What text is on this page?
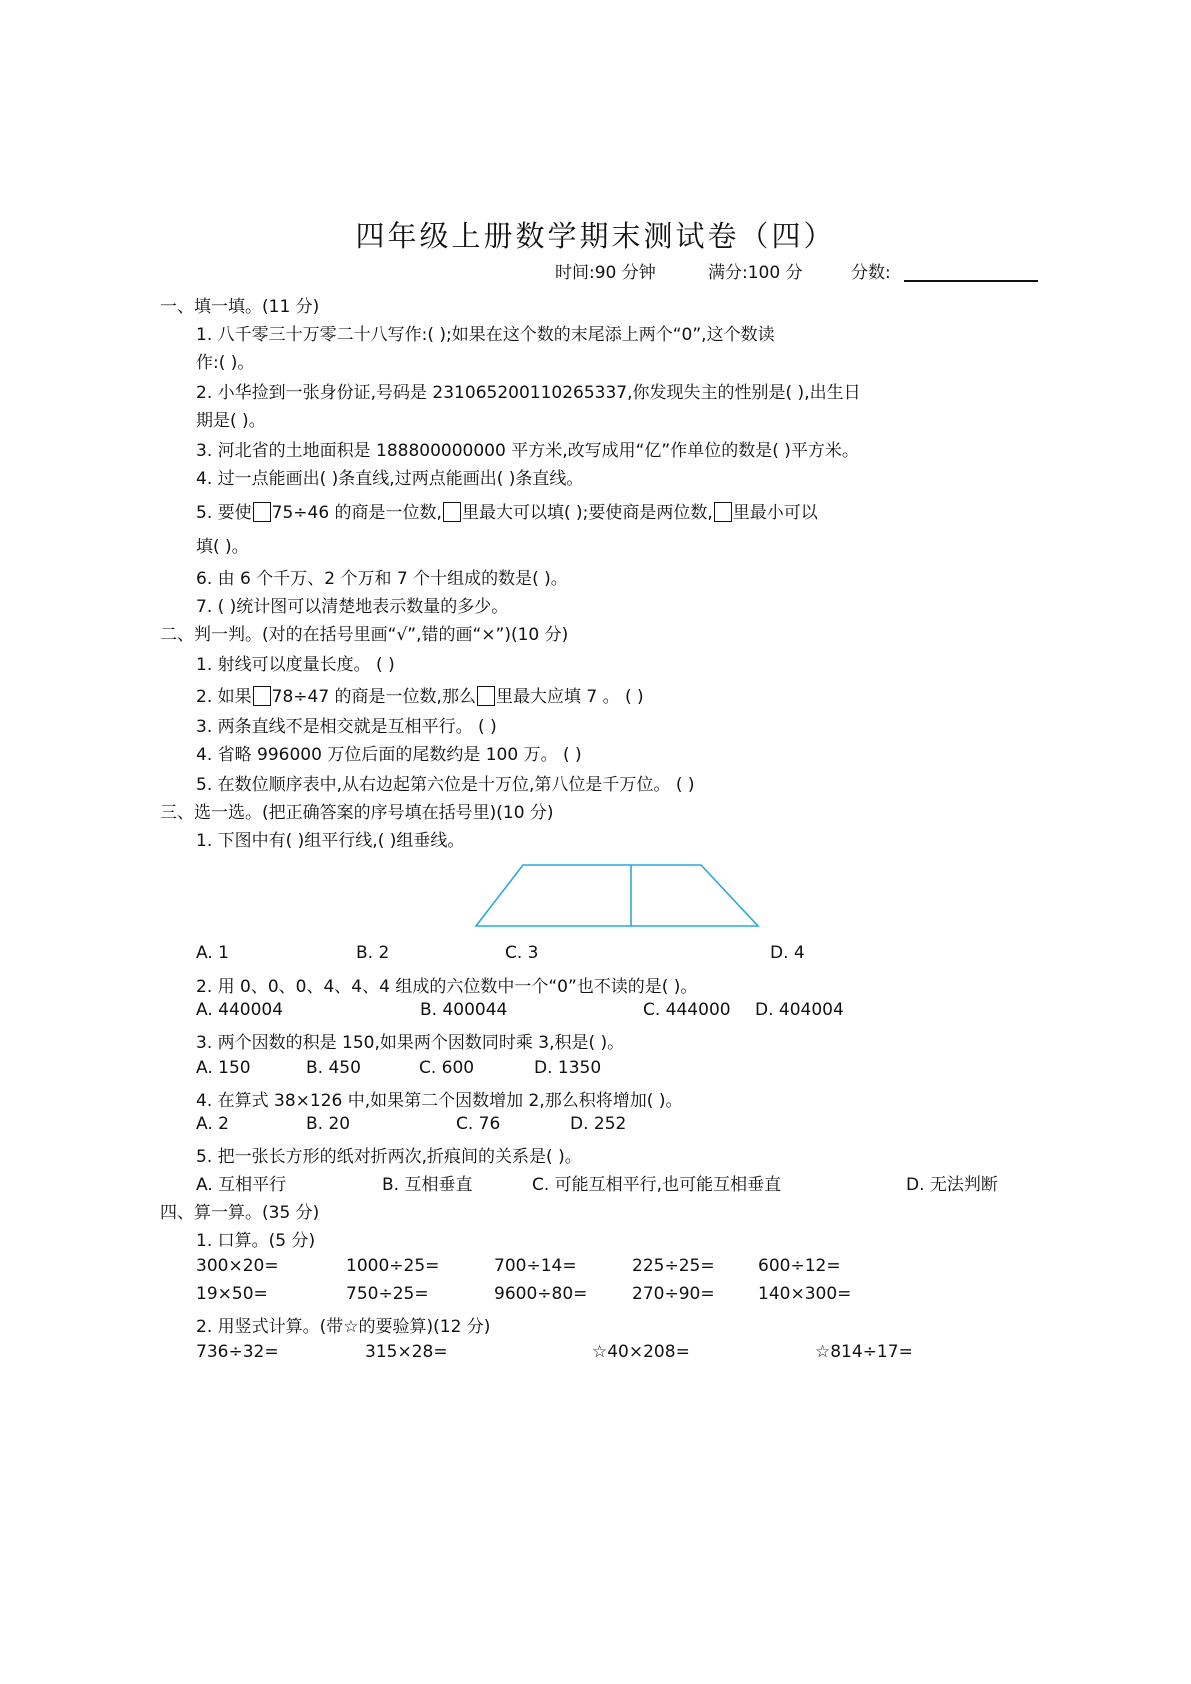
四年级上册数学期末测试卷（四）
时间:90 分钟	满分:100 分	分数:
一、填一填。(11 分)
1. 八千零三十万零二十八写作:( );如果在这个数的末尾添上两个“0”,这个数读
作:( )。
2. 小华捡到一张身份证,号码是 231065200110265337,你发现失主的性别是( ),出生日
期是( )。
3. 河北省的土地面积是 188800000000 平方米,改写成用“亿”作单位的数是( )平方米。
4. 过一点能画出( )条直线,过两点能画出( )条直线。
5. 要使 75÷46 的商是一位数, 里最大可以填( );要使商是两位数, 里最小可以
填( )。
6. 由 6 个千万、2 个万和 7 个十组成的数是( )。
7. ( )统计图可以清楚地表示数量的多少。
二、判一判。(对的在括号里画“√”,错的画“×”)(10 分)
1. 射线可以度量长度。 ( )
2. 如果 78÷47 的商是一位数,那么 里最大应填 7 。 ( )
3. 两条直线不是相交就是互相平行。 ( )
4. 省略 996000 万位后面的尾数约是 100 万。 ( )
5. 在数位顺序表中,从右边起第六位是十万位,第八位是千万位。 ( )
三、选一选。(把正确答案的序号填在括号里)(10 分)
1. 下图中有( )组平行线,( )组垂线。
A. 1	B. 2	C. 3	D. 4
2. 用 0、0、0、4、4、4 组成的六位数中一个“0”也不读的是( )。
A. 440004	B. 400044	C. 444000 D. 404004
3. 两个因数的积是 150,如果两个因数同时乘 3,积是( )。
A. 150	B. 450	C. 600	D. 1350
4. 在算式 38×126 中,如果第二个因数增加 2,那么积将增加( )。
A. 2	B. 20	C. 76	D. 252
5. 把一张长方形的纸对折两次,折痕间的关系是( )。
A. 互相平行	B. 互相垂直	C. 可能互相平行,也可能互相垂直	D. 无法判断
四、算一算。(35 分)
1. 口算。(5 分)
300×20=	1000÷25=	700÷14=	225÷25=	600÷12=
19×50=	750÷25=	9600÷80=	270÷90=	140×300=
2. 用竖式计算。(带☆的要验算)(12 分)
736÷32=	315×28=	☆40×208=	☆814÷17=
